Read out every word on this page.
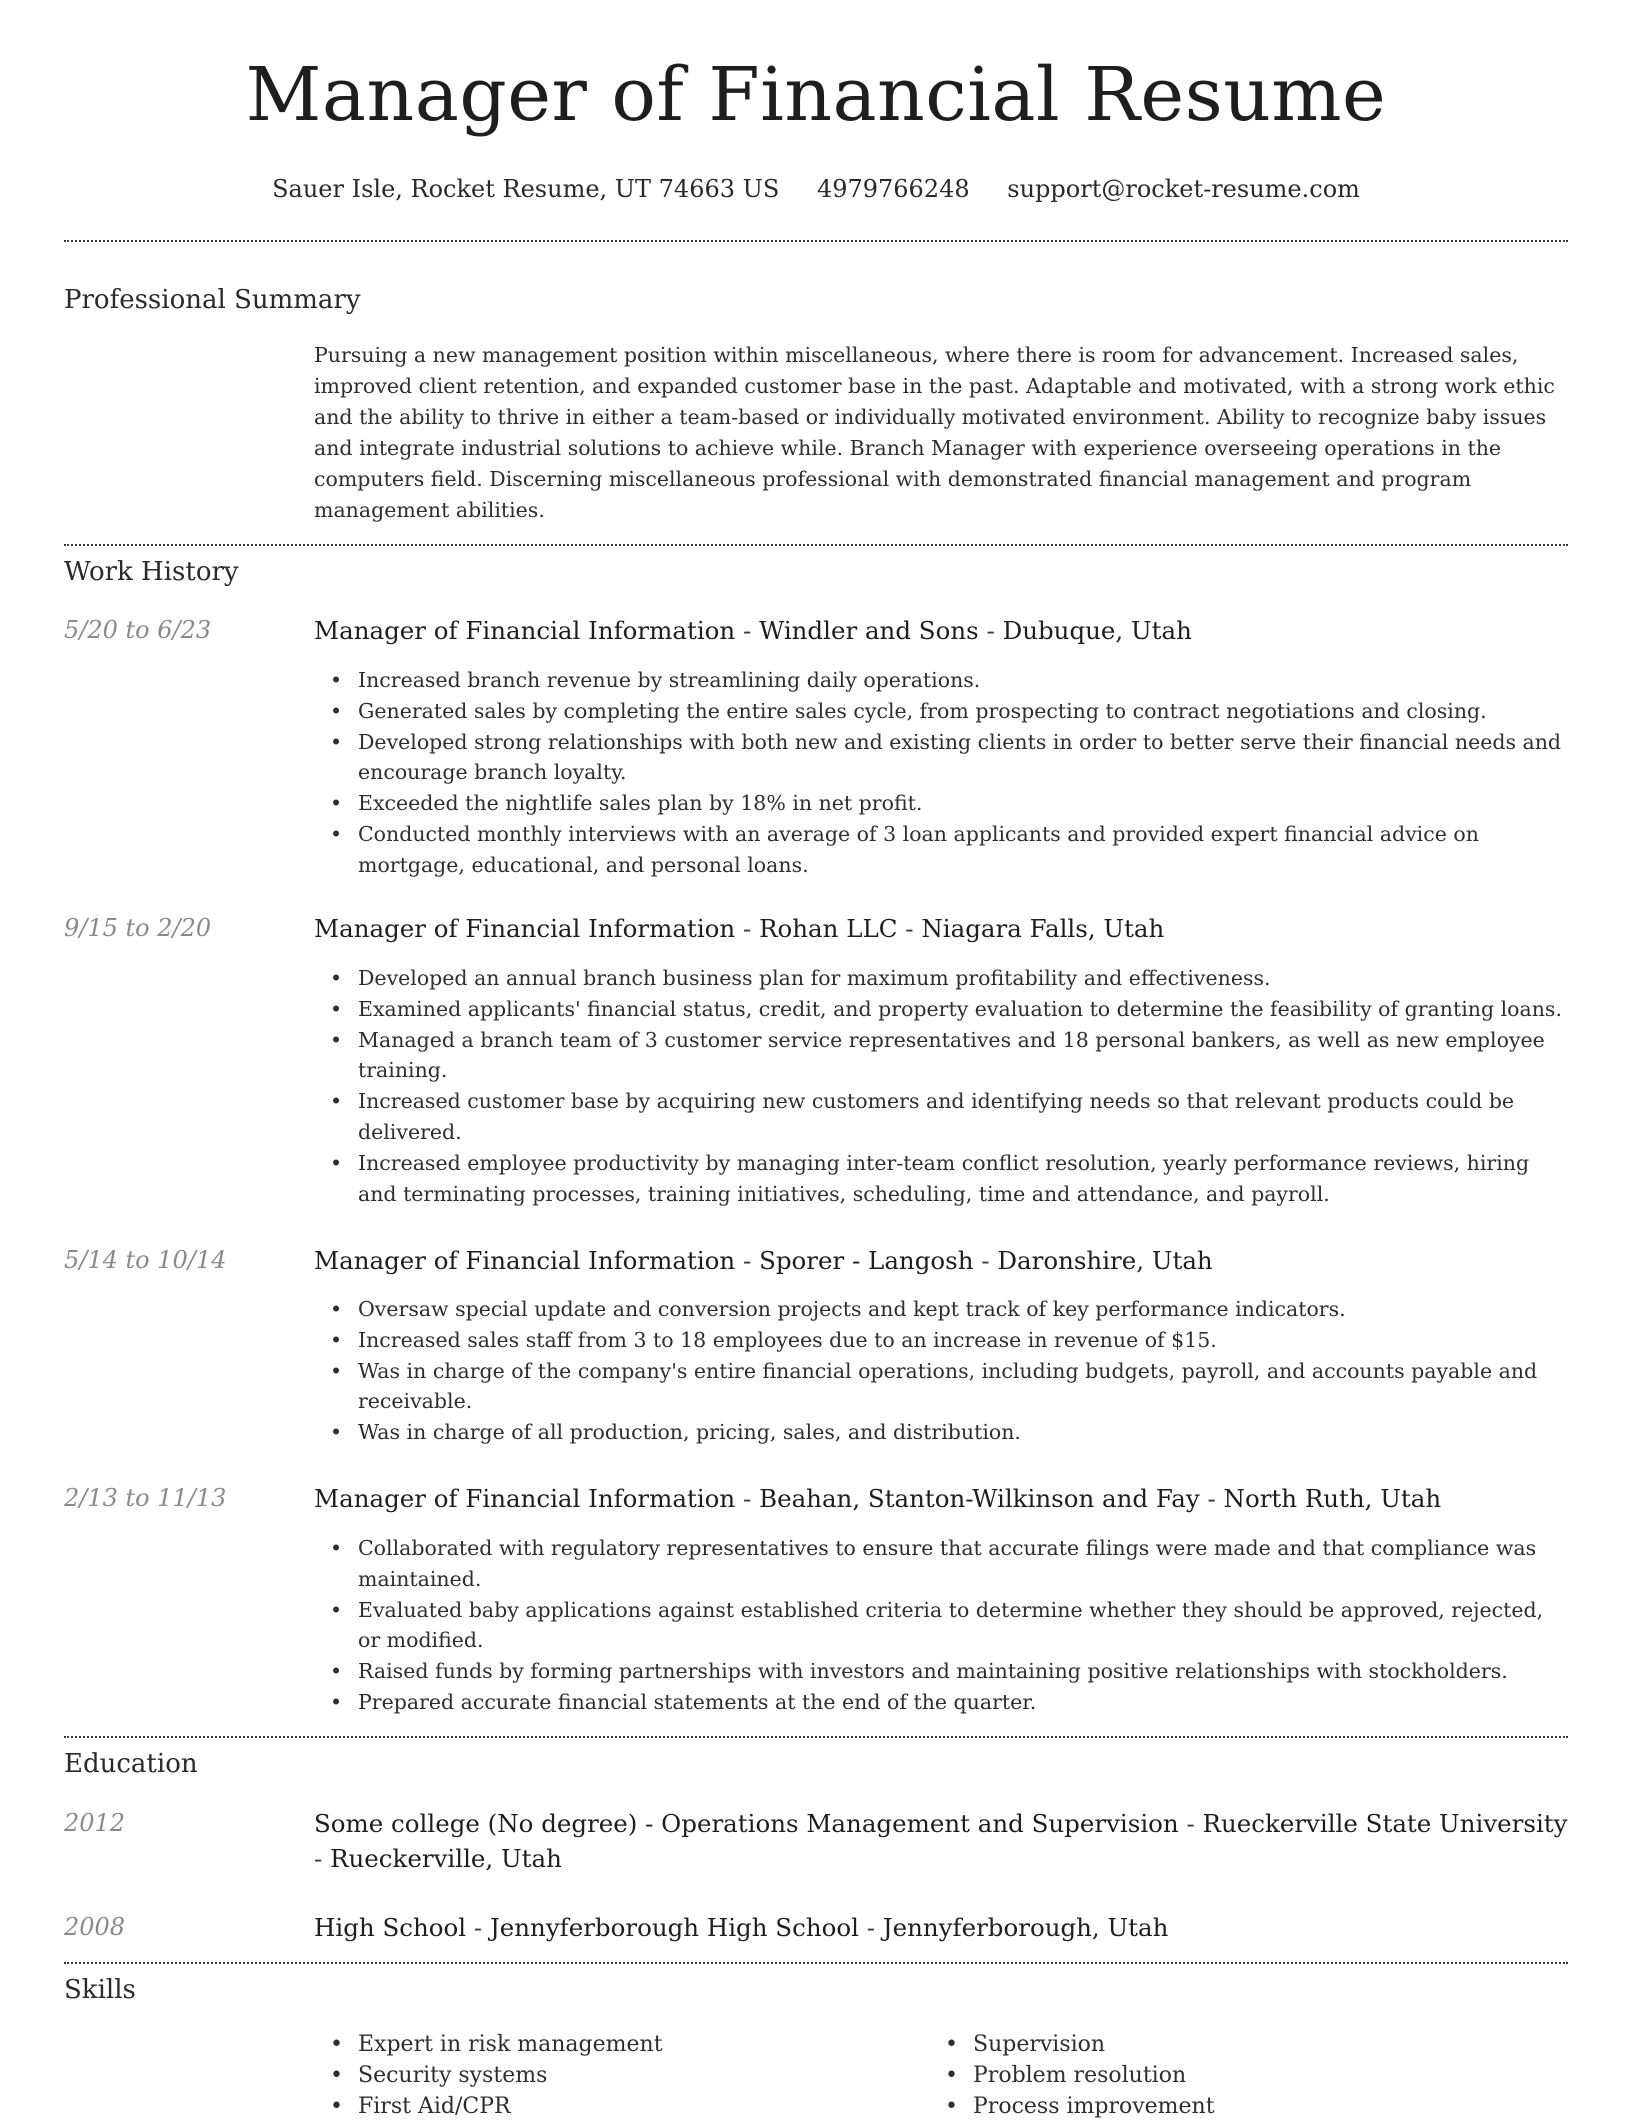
Manager of Financial Resume
Sauer Isle, Rocket Resume, UT 74663 US 4979766248 support@rocket-resume.com
Professional Summary

Pursuing a new management position within miscellaneous, where there is room for advancement. Increased sales, improved client retention, and expanded customer base in the past. Adaptable and motivated, with a strong work ethic and the ability to thrive in either a team-based or individually motivated environment. Ability to recognize baby issues and integrate industrial solutions to achieve while. Branch Manager with experience overseeing operations in the computers field. Discerning miscellaneous professional with demonstrated financial management and program management abilities.

Work History
5/20 to 6/23	Manager of Financial Information - Windler and Sons - Dubuque, Utah
• Increased branch revenue by streamlining daily operations.
• Generated sales by completing the entire sales cycle, from prospecting to contract negotiations and closing.
• Developed strong relationships with both new and existing clients in order to better serve their financial needs and encourage branch loyalty.
• Exceeded the nightlife sales plan by 18% in net profit.
• Conducted monthly interviews with an average of 3 loan applicants and provided expert financial advice on mortgage, educational, and personal loans.
9/15 to 2/20	Manager of Financial Information - Rohan LLC - Niagara Falls, Utah
• Developed an annual branch business plan for maximum profitability and effectiveness.
• Examined applicants' financial status, credit, and property evaluation to determine the feasibility of granting loans.
• Managed a branch team of 3 customer service representatives and 18 personal bankers, as well as new employee training.
• Increased customer base by acquiring new customers and identifying needs so that relevant products could be delivered.
• Increased employee productivity by managing inter-team conflict resolution, yearly performance reviews, hiring and terminating processes, training initiatives, scheduling, time and attendance, and payroll.
5/14 to 10/14	Manager of Financial Information - Sporer - Langosh - Daronshire, Utah
• Oversaw special update and conversion projects and kept track of key performance indicators.
• Increased sales staff from 3 to 18 employees due to an increase in revenue of $15.
• Was in charge of the company's entire financial operations, including budgets, payroll, and accounts payable and receivable.
• Was in charge of all production, pricing, sales, and distribution.
2/13 to 11/13	Manager of Financial Information - Beahan, Stanton-Wilkinson and Fay - North Ruth, Utah
• Collaborated with regulatory representatives to ensure that accurate filings were made and that compliance was maintained.
• Evaluated baby applications against established criteria to determine whether they should be approved, rejected, or modified.
• Raised funds by forming partnerships with investors and maintaining positive relationships with stockholders.
• Prepared accurate financial statements at the end of the quarter.
Education
2012	Some college (No degree) - Operations Management and Supervision - Rueckerville State University - Rueckerville, Utah
2008	High School - Jennyferborough High School - Jennyferborough, Utah
Skills
• Expert in risk management
• Security systems
• First Aid/CPR
• Supervision
• Problem resolution
• Process improvement
